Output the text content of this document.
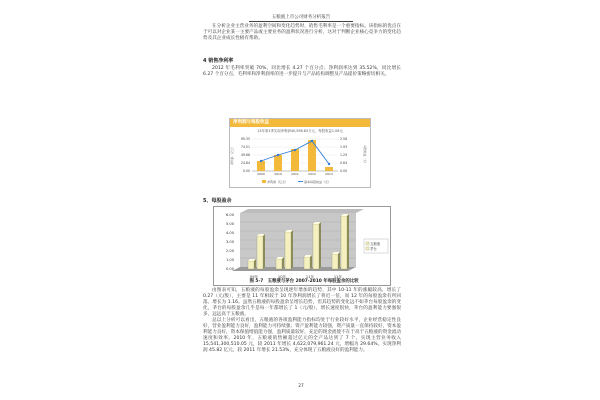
五粮液上市公司财务分析报告

在分析企业主营业务的盈利空间和变化趋势时，销售毛利率是一个重要指标。该指标的优点在于可以对企业某一主要产品或主要业务的盈利状况进行分析，这对于判断企业核心竞争力的变化趋势及其企业成长性极有帮助。

4 销售净利率

2012 年毛利率突破 70%，同比增长 4.27 个百分点；净利润率达到 35.52%，同比增长 6.27 个百分点，毛利率和净利润率的进一步提升与产品结构调整及产品提价策略密切相关。

净利润与每股收益
13年第1季实现净利润40,598.63万元，每股收益1.06元
99.35
74.51
49.68
24.84
0.00
2.58
1.93
1.29
0.64
0.00
2009	2010	2011	2012	2013
净利润（亿元）	每股收益（元）
净利润（亿元）	基本每股收益（元）
5、每股盈余
6.00
5.00
4.00
3.00
2.00
1.00
0.00
09年	10年	11年	12年
五粮液
茅台
图 5-7　五粮液与茅台 2007-2010 年每股盈余的比较

由图表可知，五粮液的每股盈余呈现逐年增加的趋势，其中 10-11 年的涨幅较高，增长了 0.27（元/股），主要是 11 年相较于 10 年净利润增长了将近一倍，而 12 年的每股盈余有所回落。增长为 1.16。虽然五粮液的每股盈余呈增长趋势，但其趋势的变化远不如茅台每股盈余的变化，茅台的每股盈余几乎是每一年都增长了 1（元/股），增长速度很快，茅台的盈利能力要强很多，远远高于五粮液。

总以上分析可以看出，五粮液的各项盈利能力指标均处于行业较好水平，企业经营稳定性良好，营业盈利能力良好，盈利能力可持续强；资产盈利能力较强，资产质量一直保持较好，资本盈利能力良好，资本保值增值能力强，盈利质量较好，充足的现金流使不在于高于五粮液的资金流动速度和效率。2010 年，五粮液销售额超过亿元的全产品达到了 7 个，实现主营业务收入 15,541,300,510.05 元，较 2011 年增长 4,622,079,961.24 元，增幅为 29.64%。实现净利润 45.82 亿元，较 2011 年增长 21.53%，充分体现了五粮液良好的盈利能力。

27
